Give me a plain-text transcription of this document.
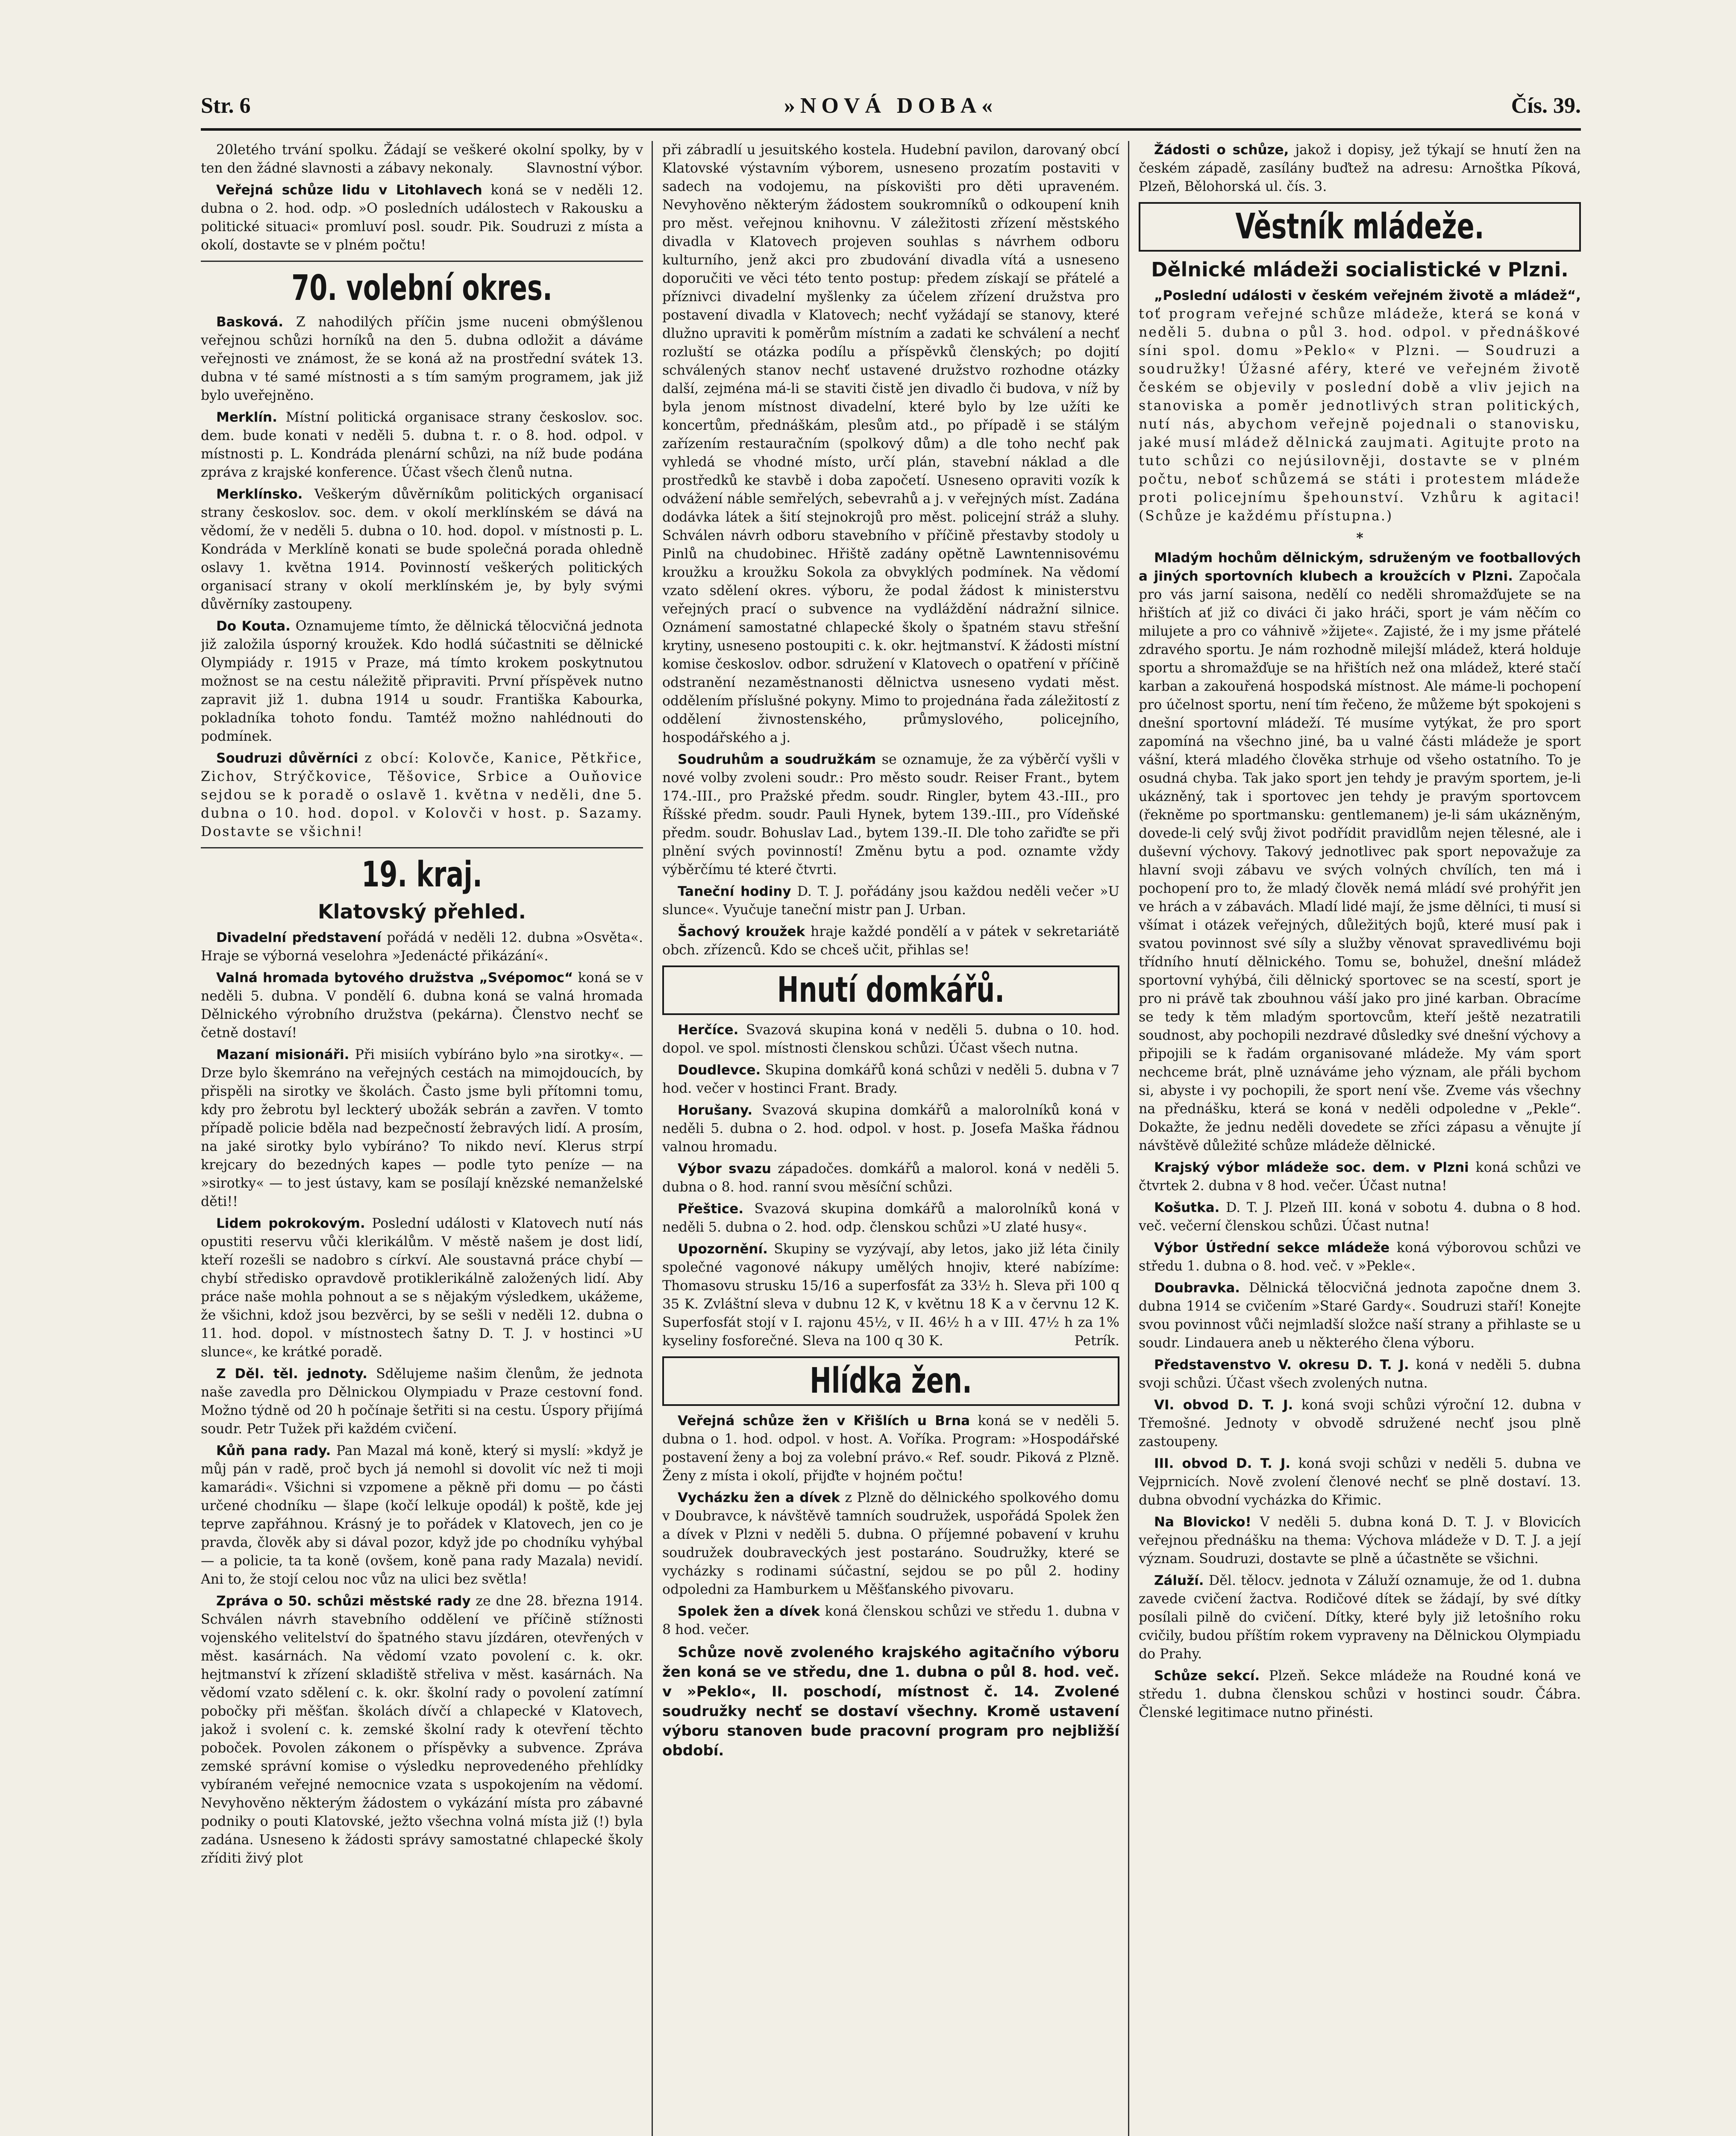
Str. 6	»NOVÁ DOBA«	Čís. 39.

20letého trvání spolku. Žádají se veškeré okolní spolky, by v ten den žádné slavnosti a zábavy nekonaly.	Slavnostní výbor.

Veřejná schůze lidu v Litohlavech koná se v neděli 12. dubna o 2. hod. odp. »O posledních událostech v Rakousku a politické situaci« promluví posl. soudr. Pik. Soudruzi z místa a okolí, dostavte se v plném počtu!

70. volební okres.

Basková. Z nahodilých příčin jsme nuceni obmýšlenou veřejnou schůzi horníků na den 5. dubna odložit a dáváme veřejnosti ve známost, že se koná až na prostřední svátek 13. dubna v té samé místnosti a s tím samým programem, jak již bylo uveřejněno.

Merklín. Místní politická organisace strany českoslov. soc. dem. bude konati v neděli 5. dubna t. r. o 8. hod. odpol. v místnosti p. L. Kondráda plenární schůzi, na níž bude podána zpráva z krajské konference. Účast všech členů nutna.

Merklínsko. Veškerým důvěrníkům politických organisací strany českoslov. soc. dem. v okolí merklínském se dává na vědomí, že v neděli 5. dubna o 10. hod. dopol. v místnosti p. L. Kondráda v Merklíně konati se bude společná porada ohledně oslavy 1. května 1914. Povinností veškerých politických organisací strany v okolí merklínském je, by byly svými důvěrníky zastoupeny.

Do Kouta. Oznamujeme tímto, že dělnická tělocvičná jednota již založila úsporný kroužek. Kdo hodlá súčastniti se dělnické Olympiády r. 1915 v Praze, má tímto krokem poskytnutou možnost se na cestu náležitě připraviti. První příspěvek nutno zapravit již 1. dubna 1914 u soudr. Františka Kabourka, pokladníka tohoto fondu. Tamtéž možno nahlédnouti do podmínek.

Soudruzi důvěrníci z obcí: Kolovče, Kanice, Pětkřice, Zichov, Strýčkovice, Těšovice, Srbice a Ouňovice sejdou se k poradě o oslavě 1. května v neděli, dne 5. dubna o 10. hod. dopol. v Kolovči v host. p. Sazamy. Dostavte se všichni!

19. kraj.
Klatovský přehled.

Divadelní představení pořádá v neděli 12. dubna »Osvěta«. Hraje se výborná veselohra »Jedenácté přikázání«.

Valná hromada bytového družstva „Svépomoc“ koná se v neděli 5. dubna. V pondělí 6. dubna koná se valná hromada Dělnického výrobního družstva (pekárna). Členstvo nechť se četně dostaví!

Mazaní misionáři. Při misiích vybíráno bylo »na sirotky«. — Drze bylo škemráno na veřejných cestách na mimojdoucích, by přispěli na sirotky ve školách. Často jsme byli přítomni tomu, kdy pro žebrotu byl leckterý ubožák sebrán a zavřen. V tomto případě policie bděla nad bezpečností žebravých lidí. A prosím, na jaké sirotky bylo vybíráno? To nikdo neví. Klerus strpí krejcary do bezedných kapes — podle tyto peníze — na »sirotky« — to jest ústavy, kam se posílají knězské nemanželské děti!!

Lidem pokrokovým. Poslední události v Klatovech nutí nás opustiti reservu vůči klerikálům. V městě našem je dost lidí, kteří rozešli se nadobro s církví. Ale soustavná práce chybí — chybí středisko opravdově protiklerikálně založených lidí. Aby práce naše mohla pohnout a se s nějakým výsledkem, ukážeme, že všichni, kdož jsou bezvěrci, by se sešli v neděli 12. dubna o 11. hod. dopol. v místnostech šatny D. T. J. v hostinci »U slunce«, ke krátké poradě.

Z Děl. těl. jednoty. Sdělujeme našim členům, že jednota naše zavedla pro Dělnickou Olympiadu v Praze cestovní fond. Možno týdně od 20 h počínaje šetřiti si na cestu. Úspory přijímá soudr. Petr Tužek při každém cvičení.

Kůň pana rady. Pan Mazal má koně, který si myslí: »když je můj pán v radě, proč bych já nemohl si dovolit víc než ti moji kamarádi«. Všichni si vzpomene a pěkně při domu — po části určené chodníku — šlape (kočí lelkuje opodál) k poště, kde jej teprve zapřáhnou. Krásný je to pořádek v Klatovech, jen co je pravda, člověk aby si dával pozor, když jde po chodníku vyhýbal — a policie, ta ta koně (ovšem, koně pana rady Mazala) nevidí. Ani to, že stojí celou noc vůz na ulici bez světla!

Zpráva o 50. schůzi městské rady ze dne 28. března 1914. Schválen návrh stavebního oddělení ve příčině stížnosti vojenského velitelství do špatného stavu jízdáren, otevřených v měst. kasárnách. Na vědomí vzato povolení c. k. okr. hejtmanství k zřízení skladiště střeliva v měst. kasárnách. Na vědomí vzato sdělení c. k. okr. školní rady o povolení zatímní pobočky při měšťan. školách dívčí a chlapecké v Klatovech, jakož i svolení c. k. zemské školní rady k otevření těchto poboček. Povolen zákonem o příspěvky a subvence. Zpráva zemské správní komise o výsledku neprovedeného přehlídky vybíraném veřejné nemocnice vzata s uspokojením na vědomí. Nevyhověno některým žádostem o vykázání místa pro zábavné podniky o pouti Klatovské, ježto všechna volná místa již (!) byla zadána. Usneseno k žádosti správy samostatné chlapecké školy zříditi živý plot

při zábradlí u jesuitského kostela. Hudební pavilon, darovaný obcí Klatovské výstavním výborem, usneseno prozatím postaviti v sadech na vodojemu, na pískovišti pro děti upraveném. Nevyhověno některým žádostem soukromníků o odkoupení knih pro měst. veřejnou knihovnu. V záležitosti zřízení městského divadla v Klatovech projeven souhlas s návrhem odboru kulturního, jenž akci pro zbudování divadla vítá a usneseno doporučiti ve věci této tento postup: předem získají se přátelé a příznivci divadelní myšlenky za účelem zřízení družstva pro postavení divadla v Klatovech; nechť vyžádají se stanovy, které dlužno upraviti k poměrům místním a zadati ke schválení a nechť rozluští se otázka podílu a příspěvků členských; po dojití schválených stanov nechť ustavené družstvo rozhodne otázky další, zejména má-li se staviti čistě jen divadlo či budova, v níž by byla jenom místnost divadelní, které bylo by lze užíti ke koncertům, přednáškám, plesům atd., po případě i se stálým zařízením restauračním (spolkový dům) a dle toho nechť pak vyhledá se vhodné místo, určí plán, stavební náklad a dle prostředků ke stavbě i doba započetí. Usneseno opraviti vozík k odvážení náble semřelých, sebevrahů a j. v veřejných míst. Zadána dodávka látek a šití stejnokrojů pro měst. policejní stráž a sluhy. Schválen návrh odboru stavebního v příčině přestavby stodoly u Pinlů na chudobinec. Hřiště zadány opětně Lawntennisovému kroužku a kroužku Sokola za obvyklých podmínek. Na vědomí vzato sdělení okres. výboru, že podal žádost k ministerstvu veřejných prací o subvence na vydláždění nádražní silnice. Oznámení samostatné chlapecké školy o špatném stavu střešní krytiny, usneseno postoupiti c. k. okr. hejtmanství. K žádosti místní komise českoslov. odbor. sdružení v Klatovech o opatření v příčině odstranění nezaměstnanosti dělnictva usneseno vydati měst. oddělením příslušné pokyny. Mimo to projednána řada záležitostí z oddělení živnostenského, průmyslového, policejního, hospodářského a j.

Soudruhům a soudružkám se oznamuje, že za výběrčí vyšli v nové volby zvoleni soudr.: Pro město soudr. Reiser Frant., bytem 174.-III., pro Pražské předm. soudr. Ringler, bytem 43.-III., pro Říšské předm. soudr. Pauli Hynek, bytem 139.-III., pro Vídeňské předm. soudr. Bohuslav Lad., bytem 139.-II. Dle toho zařiďte se při plnění svých povinností! Změnu bytu a pod. oznamte vždy výběrčímu té které čtvrti.

Taneční hodiny D. T. J. pořádány jsou každou neděli večer »U slunce«. Vyučuje taneční mistr pan J. Urban.

Šachový kroužek hraje každé pondělí a v pátek v sekretariátě obch. zřízenců. Kdo se chceš učit, přihlas se!

Hnutí domkářů.

Herčíce. Svazová skupina koná v neděli 5. dubna o 10. hod. dopol. ve spol. místnosti členskou schůzi. Účast všech nutna.

Doudlevce. Skupina domkářů koná schůzi v neděli 5. dubna v 7 hod. večer v hostinci Frant. Brady.

Horušany. Svazová skupina domkářů a malorolníků koná v neděli 5. dubna o 2. hod. odpol. v host. p. Josefa Maška řádnou valnou hromadu.

Výbor svazu západočes. domkářů a malorol. koná v neděli 5. dubna o 8. hod. ranní svou měsíční schůzi.

Přeštice. Svazová skupina domkářů a malorolníků koná v neděli 5. dubna o 2. hod. odp. členskou schůzi »U zlaté husy«.

Upozornění. Skupiny se vyzývají, aby letos, jako již léta činily společné vagonové nákupy umělých hnojiv, které nabízíme: Thomasovu strusku 15/16 a superfosfát za 33½ h. Sleva při 100 q 35 K. Zvláštní sleva v dubnu 12 K, v květnu 18 K a v červnu 12 K. Superfosfát stojí v I. rajonu 45½, v II. 46½ h a v III. 47½ h za 1% kyseliny fosforečné. Sleva na 100 q 30 K.	Petrík.

Hlídka žen.

Veřejná schůze žen v Křišlích u Brna koná se v neděli 5. dubna o 1. hod. odpol. v host. A. Voříka. Program: »Hospodářské postavení ženy a boj za volební právo.« Ref. soudr. Piková z Plzně. Ženy z místa i okolí, přijďte v hojném počtu!

Vycházku žen a dívek z Plzně do dělnického spolkového domu v Doubravce, k návštěvě tamních soudružek, uspořádá Spolek žen a dívek v Plzni v neděli 5. dubna. O příjemné pobavení v kruhu soudružek doubraveckých jest postaráno. Soudružky, které se vycházky s rodinami súčastní, sejdou se po půl 2. hodiny odpoledni za Hamburkem u Měšťanského pivovaru.

Spolek žen a dívek koná členskou schůzi ve středu 1. dubna v 8 hod. večer.

Schůze nově zvoleného krajského agitačního výboru žen koná se ve středu, dne 1. dubna o půl 8. hod. več. v »Peklo«, II. poschodí, místnost č. 14. Zvolené soudružky nechť se dostaví všechny. Kromě ustavení výboru stanoven bude pracovní program pro nejbližší období.

Žádosti o schůze, jakož i dopisy, jež týkají se hnutí žen na českém západě, zasílány buďtež na adresu: Arnoštka Píková, Plzeň, Bělohorská ul. čís. 3.

Věstník mládeže.
Dělnické mládeži socialistické v Plzni.

„Poslední události v českém veřejném životě a mládež“, toť program veřejné schůze mládeže, která se koná v neděli 5. dubna o půl 3. hod. odpol. v přednáškové síni spol. domu »Peklo« v Plzni. — Soudruzi a soudružky! Úžasné aféry, které ve veřejném životě českém se objevily v poslední době a vliv jejich na stanoviska a poměr jednotlivých stran politických, nutí nás, abychom veřejně pojednali o stanovisku, jaké musí mládež dělnická zaujmati. Agitujte proto na tuto schůzi co nejúsilovněji, dostavte se v plném počtu, neboť schůzemá se státi i protestem mládeže proti policejnímu špehounství. Vzhůru k agitaci! (Schůze je každému přístupna.)

*

Mladým hochům dělnickým, sdruženým ve footballových a jiných sportovních klubech a kroužcích v Plzni. Započala pro vás jarní saisona, nedělí co neděli shromažďujete se na hřištích ať již co diváci či jako hráči, sport je vám něčím co milujete a pro co váhnivě »žijete«. Zajisté, že i my jsme přátelé zdravého sportu. Je nám rozhodně milejší mládež, která holduje sportu a shromažďuje se na hřištích než ona mládež, které stačí karban a zakouřená hospodská místnost. Ale máme-li pochopení pro účelnost sportu, není tím řečeno, že můžeme být spokojeni s dnešní sportovní mládeží. Té musíme vytýkat, že pro sport zapomíná na všechno jiné, ba u valné části mládeže je sport vášní, která mladého člověka strhuje od všeho ostatního. To je osudná chyba. Tak jako sport jen tehdy je pravým sportem, je-li ukázněný, tak i sportovec jen tehdy je pravým sportovcem (řekněme po sportmansku: gentlemanem) je-li sám ukázněným, dovede-li celý svůj život podřídit pravidlům nejen tělesné, ale i duševní výchovy. Takový jednotlivec pak sport nepovažuje za hlavní svoji zábavu ve svých volných chvílích, ten má i pochopení pro to, že mladý člověk nemá mládí své prohýřit jen ve hrách a v zábavách. Mladí lidé mají, že jsme dělníci, ti musí si všímat i otázek veřejných, důležitých bojů, které musí pak i svatou povinnost své síly a služby věnovat spravedlivému boji třídního hnutí dělnického. Tomu se, bohužel, dnešní mládež sportovní vyhýbá, čili dělnický sportovec se na scestí, sport je pro ni právě tak zbouhnou váší jako pro jiné karban. Obracíme se tedy k těm mladým sportovcům, kteří ještě nezatratili soudnost, aby pochopili nezdravé důsledky své dnešní výchovy a připojili se k řadám organisované mládeže. My vám sport nechceme brát, plně uznáváme jeho význam, ale přáli bychom si, abyste i vy pochopili, že sport není vše. Zveme vás všechny na přednášku, která se koná v neděli odpoledne v „Pekle“. Dokažte, že jednu neděli dovedete se zříci zápasu a věnujte jí návštěvě důležité schůze mládeže dělnické.

Krajský výbor mládeže soc. dem. v Plzni koná schůzi ve čtvrtek 2. dubna v 8 hod. večer. Účast nutna!

Košutka. D. T. J. Plzeň III. koná v sobotu 4. dubna o 8 hod. več. večerní členskou schůzi. Účast nutna!

Výbor Ústřední sekce mládeže koná výborovou schůzi ve středu 1. dubna o 8. hod. več. v »Pekle«.

Doubravka. Dělnická tělocvičná jednota započne dnem 3. dubna 1914 se cvičením »Staré Gardy«. Soudruzi staří! Konejte svou povinnost vůči nejmladší složce naší strany a přihlaste se u soudr. Lindauera aneb u některého člena výboru.

Představenstvo V. okresu D. T. J. koná v neděli 5. dubna svoji schůzi. Účast všech zvolených nutna.

VI. obvod D. T. J. koná svoji schůzi výroční 12. dubna v Třemošné. Jednoty v obvodě sdružené nechť jsou plně zastoupeny.

III. obvod D. T. J. koná svoji schůzi v neděli 5. dubna ve Vejprnicích. Nově zvolení členové nechť se plně dostaví. 13. dubna obvodní vycházka do Křimic.

Na Blovicko! V neděli 5. dubna koná D. T. J. v Blovicích veřejnou přednášku na thema: Výchova mládeže v D. T. J. a její význam. Soudruzi, dostavte se plně a účastněte se všichni.

Záluží. Děl. tělocv. jednota v Záluží oznamuje, že od 1. dubna zavede cvičení žactva. Rodičové dítek se žádají, by své dítky posílali pilně do cvičení. Dítky, které byly již letošního roku cvičily, budou příštím rokem vypraveny na Dělnickou Olympiadu do Prahy.

Schůze sekcí. Plzeň. Sekce mládeže na Roudné koná ve středu 1. dubna členskou schůzi v hostinci soudr. Čábra. Členské legitimace nutno přinésti.
